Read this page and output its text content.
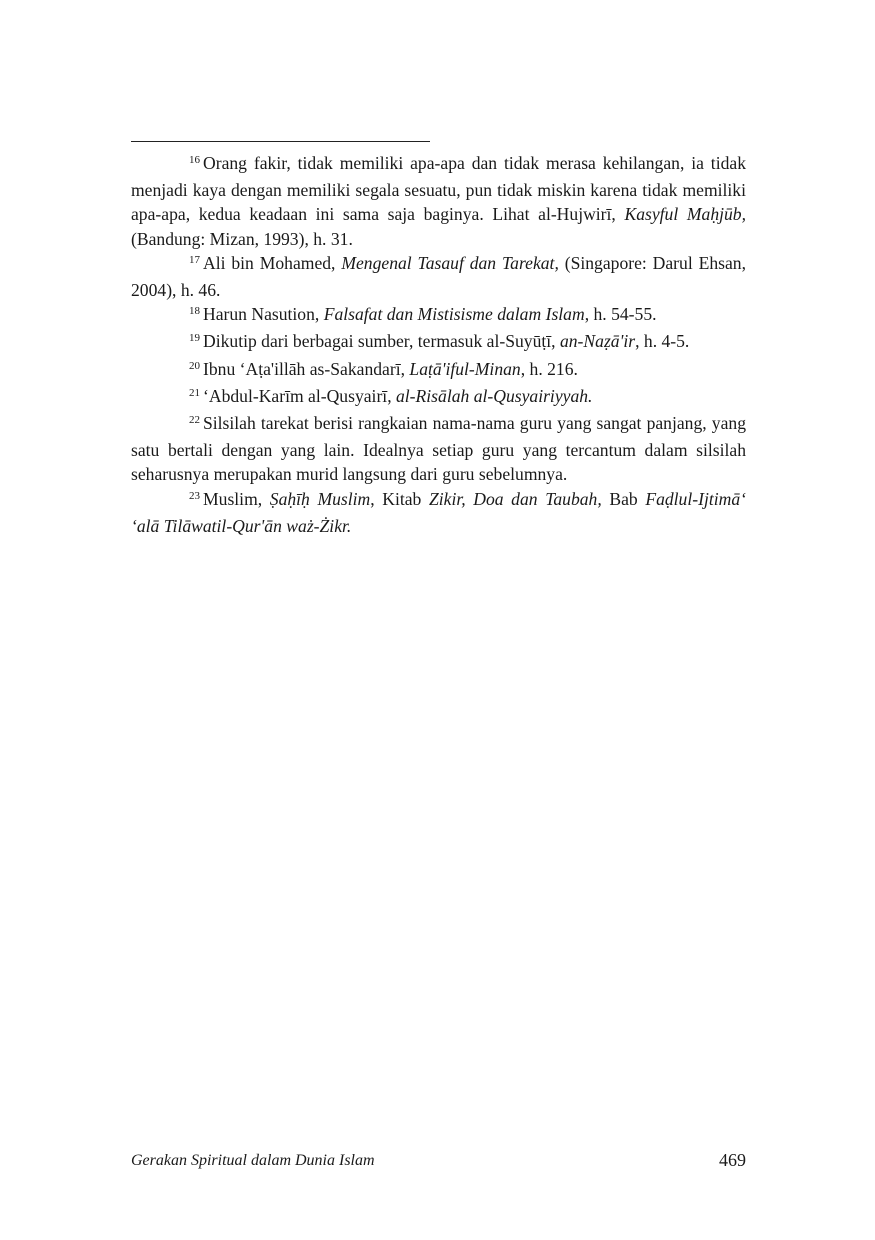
$^{16}$ Orang fakir, tidak memiliki apa-apa dan tidak merasa kehilangan, ia tidak menjadi kaya dengan memiliki segala sesuatu, pun tidak miskin karena tidak memiliki apa-apa, kedua keadaan ini sama saja baginya. Lihat al-Hujwirī, Kasyful Maḥjūb, (Bandung: Mizan, 1993), h. 31.

$^{17}$ Ali bin Mohamed, Mengenal Tasauf dan Tarekat, (Singapore: Darul Ehsan, 2004), h. 46.

$^{18}$ Harun Nasution, Falsafat dan Mistisisme dalam Islam, h. 54-55.

$^{19}$ Dikutip dari berbagai sumber, termasuk al-Suyūṭī, an-Naẓā'ir, h. 4-5.

$^{20}$ Ibnu ‘Aṭa'illāh as-Sakandarī, Laṭā'iful-Minan, h. 216.

$^{21}$ ‘Abdul-Karīm al-Qusyairī, al-Risālah al-Qusyairiyyah.

$^{22}$ Silsilah tarekat berisi rangkaian nama-nama guru yang sangat panjang, yang satu bertali dengan yang lain. Idealnya setiap guru yang tercantum dalam silsilah seharusnya merupakan murid langsung dari guru sebelumnya.

$^{23}$ Muslim, Ṣaḥīḥ Muslim, Kitab Zikir, Doa dan Taubah, Bab Faḍlul-Ijtimā‘ ‘alā Tilāwatil-Qur'ān waż-Żikr.

Gerakan Spiritual dalam Dunia Islam	469
